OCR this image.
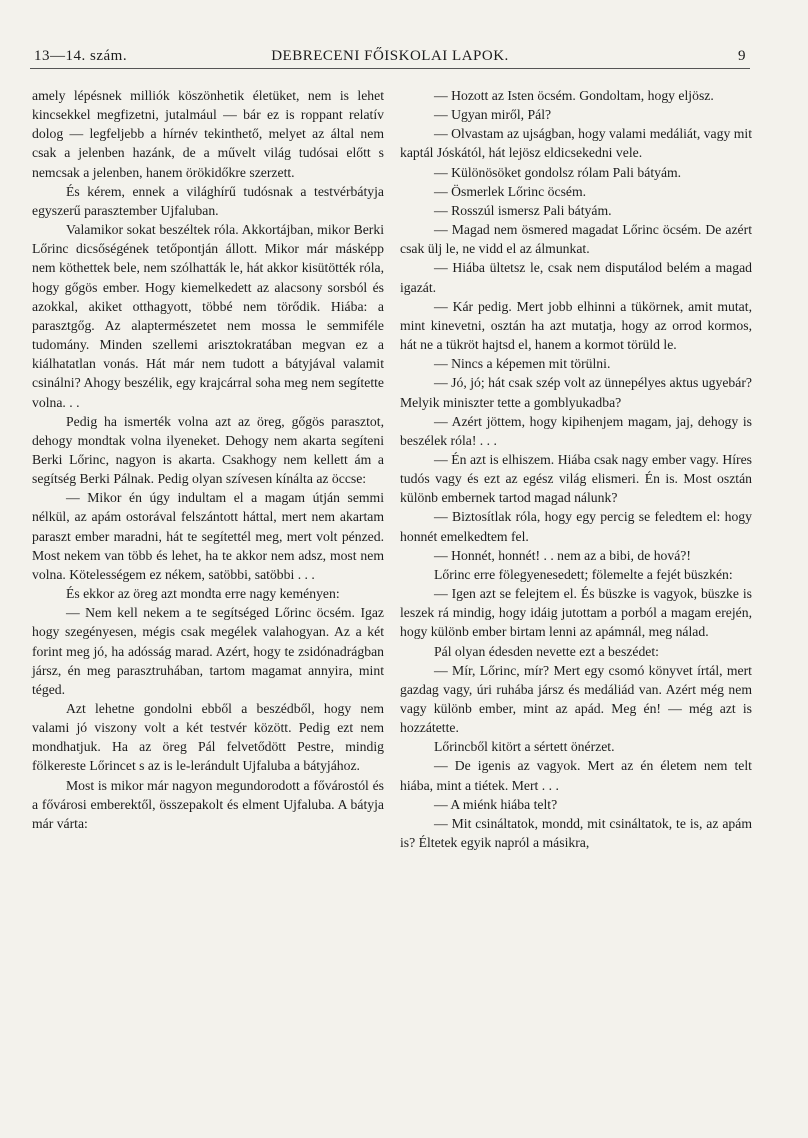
13—14. szám.	DEBRECENI FŐISKOLAI LAPOK.	9

amely lépésnek milliók köszönhetik életüket, nem is lehet kincsekkel megfizetni, jutalmául — bár ez is roppant relatív dolog — legfeljebb a hírnév tekinthető, melyet az által nem csak a jelenben hazánk, de a művelt világ tudósai előtt s nemcsak a jelenben, hanem örökidőkre szerzett.

És kérem, ennek a világhírű tudósnak a testvérbátyja egyszerű parasztember Ujfaluban.

Valamikor sokat beszéltek róla. Akkortájban, mikor Berki Lőrinc dicsőségének tetőpontján állott. Mikor már másképp nem köthettek bele, nem szólhatták le, hát akkor kisütötték róla, hogy gőgös ember. Hogy kiemelkedett az alacsony sorsból és azokkal, akiket otthagyott, többé nem törődik. Hiába: a parasztgőg. Az alaptermészetet nem mossa le semmiféle tudomány. Minden szellemi arisztokratában megvan ez a kiálhatatlan vonás. Hát már nem tudott a bátyjával valamit csinálni? Ahogy beszélik, egy krajcárral soha meg nem segítette volna. . .

Pedig ha ismerték volna azt az öreg, gőgös parasztot, dehogy mondtak volna ilyeneket. Dehogy nem akarta segíteni Berki Lőrinc, nagyon is akarta. Csakhogy nem kellett ám a segítség Berki Pálnak. Pedig olyan szívesen kínálta az öccse:

— Mikor én úgy indultam el a magam útján semmi nélkül, az apám ostorával felszántott háttal, mert nem akartam paraszt ember maradni, hát te segítettél meg, mert volt pénzed. Most nekem van több és lehet, ha te akkor nem adsz, most nem volna. Kötelességem ez nékem, satöbbi, satöbbi . . .

És ekkor az öreg azt mondta erre nagy keményen:

— Nem kell nekem a te segítséged Lőrinc öcsém. Igaz hogy szegényesen, mégis csak megélek valahogyan. Az a két forint meg jó, ha adósság marad. Azért, hogy te zsidónadrágban jársz, én meg parasztruhában, tartom magamat annyira, mint téged.

Azt lehetne gondolni ebből a beszédből, hogy nem valami jó viszony volt a két testvér között. Pedig ezt nem mondhatjuk. Ha az öreg Pál felvetődött Pestre, mindig fölkereste Lőrincet s az is le-lerándult Ujfaluba a bátyjához.

Most is mikor már nagyon megundorodott a fővárostól és a fővárosi emberektől, összepakolt és elment Ujfaluba. A bátyja már várta:

— Hozott az Isten öcsém. Gondoltam, hogy eljösz.

— Ugyan miről, Pál?

— Olvastam az ujságban, hogy valami medáliát, vagy mit kaptál Jóskától, hát lejösz eldicsekedni vele.

— Különösöket gondolsz rólam Pali bátyám.

— Ösmerlek Lőrinc öcsém.

— Rosszúl ismersz Pali bátyám.

— Magad nem ösmered magadat Lőrinc öcsém. De azért csak ülj le, ne vidd el az álmunkat.

— Hiába ültetsz le, csak nem disputálod belém a magad igazát.

— Kár pedig. Mert jobb elhinni a tükörnek, amit mutat, mint kinevetni, osztán ha azt mutatja, hogy az orrod kormos, hát ne a tükröt hajtsd el, hanem a kormot törüld le.

— Nincs a képemen mit törülni.

— Jó, jó; hát csak szép volt az ünnepélyes aktus ugyebár? Melyik miniszter tette a gomblyukadba?

— Azért jöttem, hogy kipihenjem magam, jaj, dehogy is beszélek róla! . . .

— Én azt is elhiszem. Hiába csak nagy ember vagy. Híres tudós vagy és ezt az egész világ elismeri. Én is. Most osztán különb embernek tartod magad nálunk?

— Biztosítlak róla, hogy egy percig se feledtem el: hogy honnét emelkedtem fel.

— Honnét, honnét! . . nem az a bibi, de hová?!

Lőrinc erre fölegyenesedett; fölemelte a fejét büszkén:

— Igen azt se felejtem el. És büszke is vagyok, büszke is leszek rá mindig, hogy idáig jutottam a porból a magam erején, hogy különb ember birtam lenni az apámnál, meg nálad.

Pál olyan édesden nevette ezt a beszédet:

— Mír, Lőrinc, mír? Mert egy csomó könyvet írtál, mert gazdag vagy, úri ruhába jársz és medáliád van. Azért még nem vagy különb ember, mint az apád. Meg én! — még azt is hozzátette.

Lőrincből kitört a sértett önérzet.

— De igenis az vagyok. Mert az én életem nem telt hiába, mint a tiétek. Mert . . .

— A miénk hiába telt?

— Mit csináltatok, mondd, mit csináltatok, te is, az apám is? Éltetek egyik napról a másikra,
